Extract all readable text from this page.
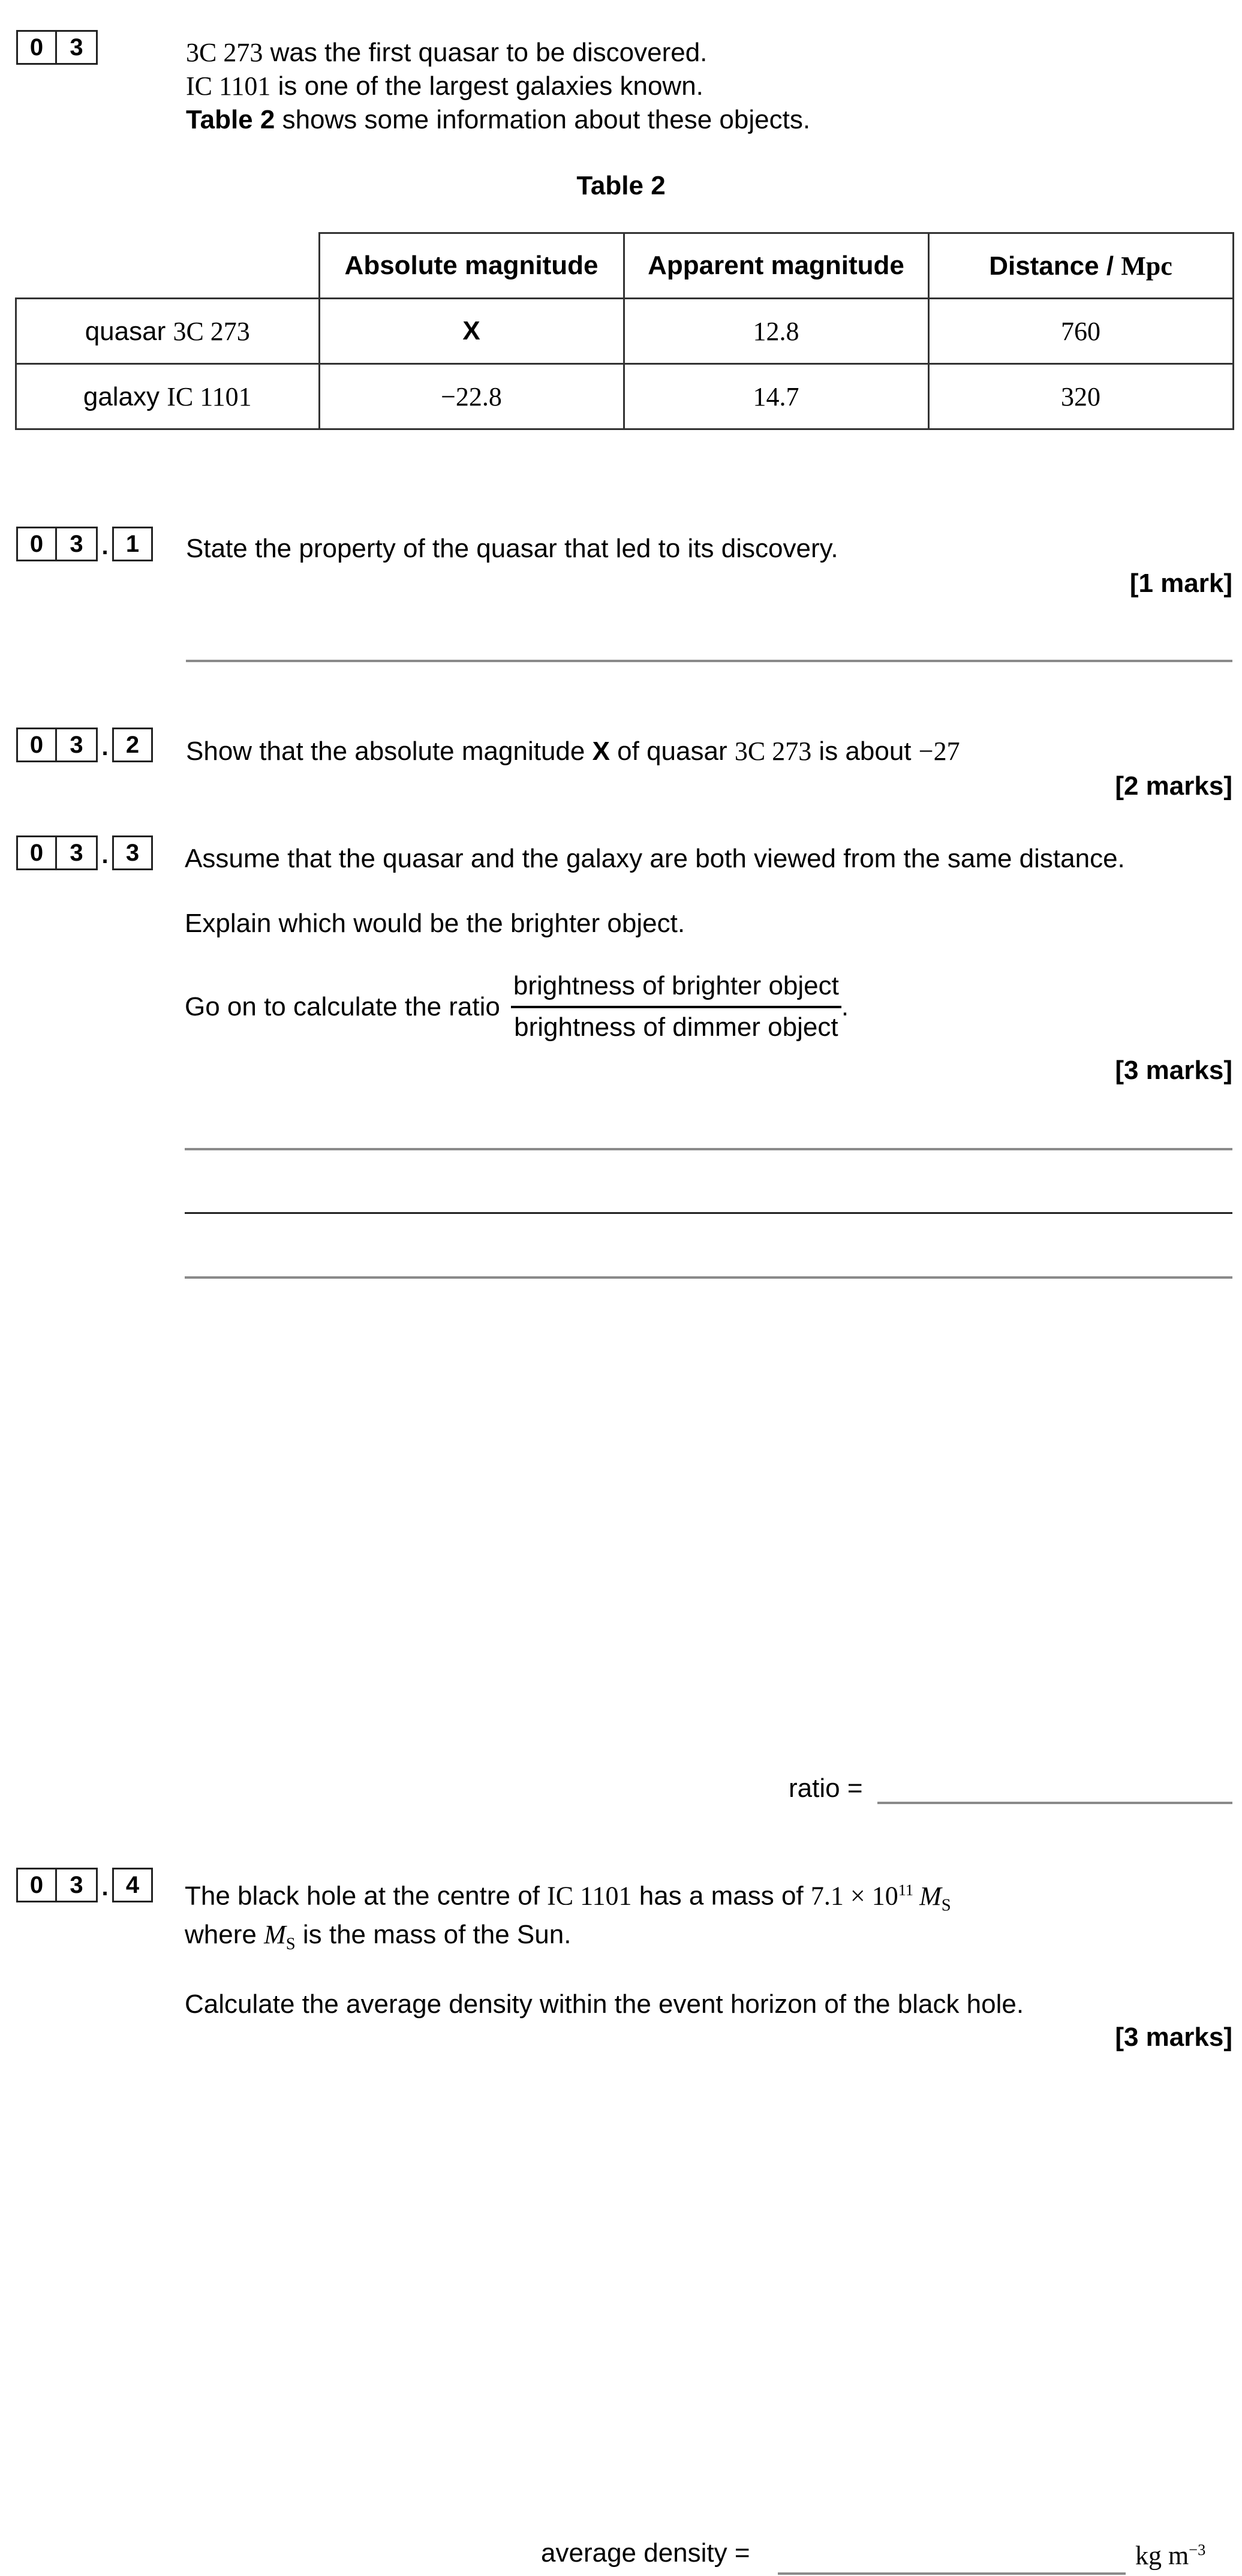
0	3	3C 273 was the first quasar to be discovered.
IC 1101 is one of the largest galaxies known.
Table 2 shows some information about these objects.
Table 2
	Absolute magnitude	Apparent magnitude	Distance / Mpc
quasar 3C 273	X	12.8	760
galaxy IC 1101	−22.8	14.7	320
0	3 . 1	State the property of the quasar that led to its discovery.
[1 mark]
0	3 . 2	Show that the absolute magnitude X of quasar 3C 273 is about −27
[2 marks]
0	3 . 3	Assume that the quasar and the galaxy are both viewed from the same distance.
Explain which would be the brighter object.
Go on to calculate the ratio $\frac{\text{brightness of brighter object}}{\text{brightness of dimmer object}}$ .
[3 marks]
ratio =
0	3 . 4	The black hole at the centre of IC 1101 has a mass of $7.1 \times 10^{11}$ $M_S$
where $M_S$ is the mass of the Sun.
Calculate the average density within the event horizon of the black hole.
[3 marks]
average density =	kg $m^{-3}$
